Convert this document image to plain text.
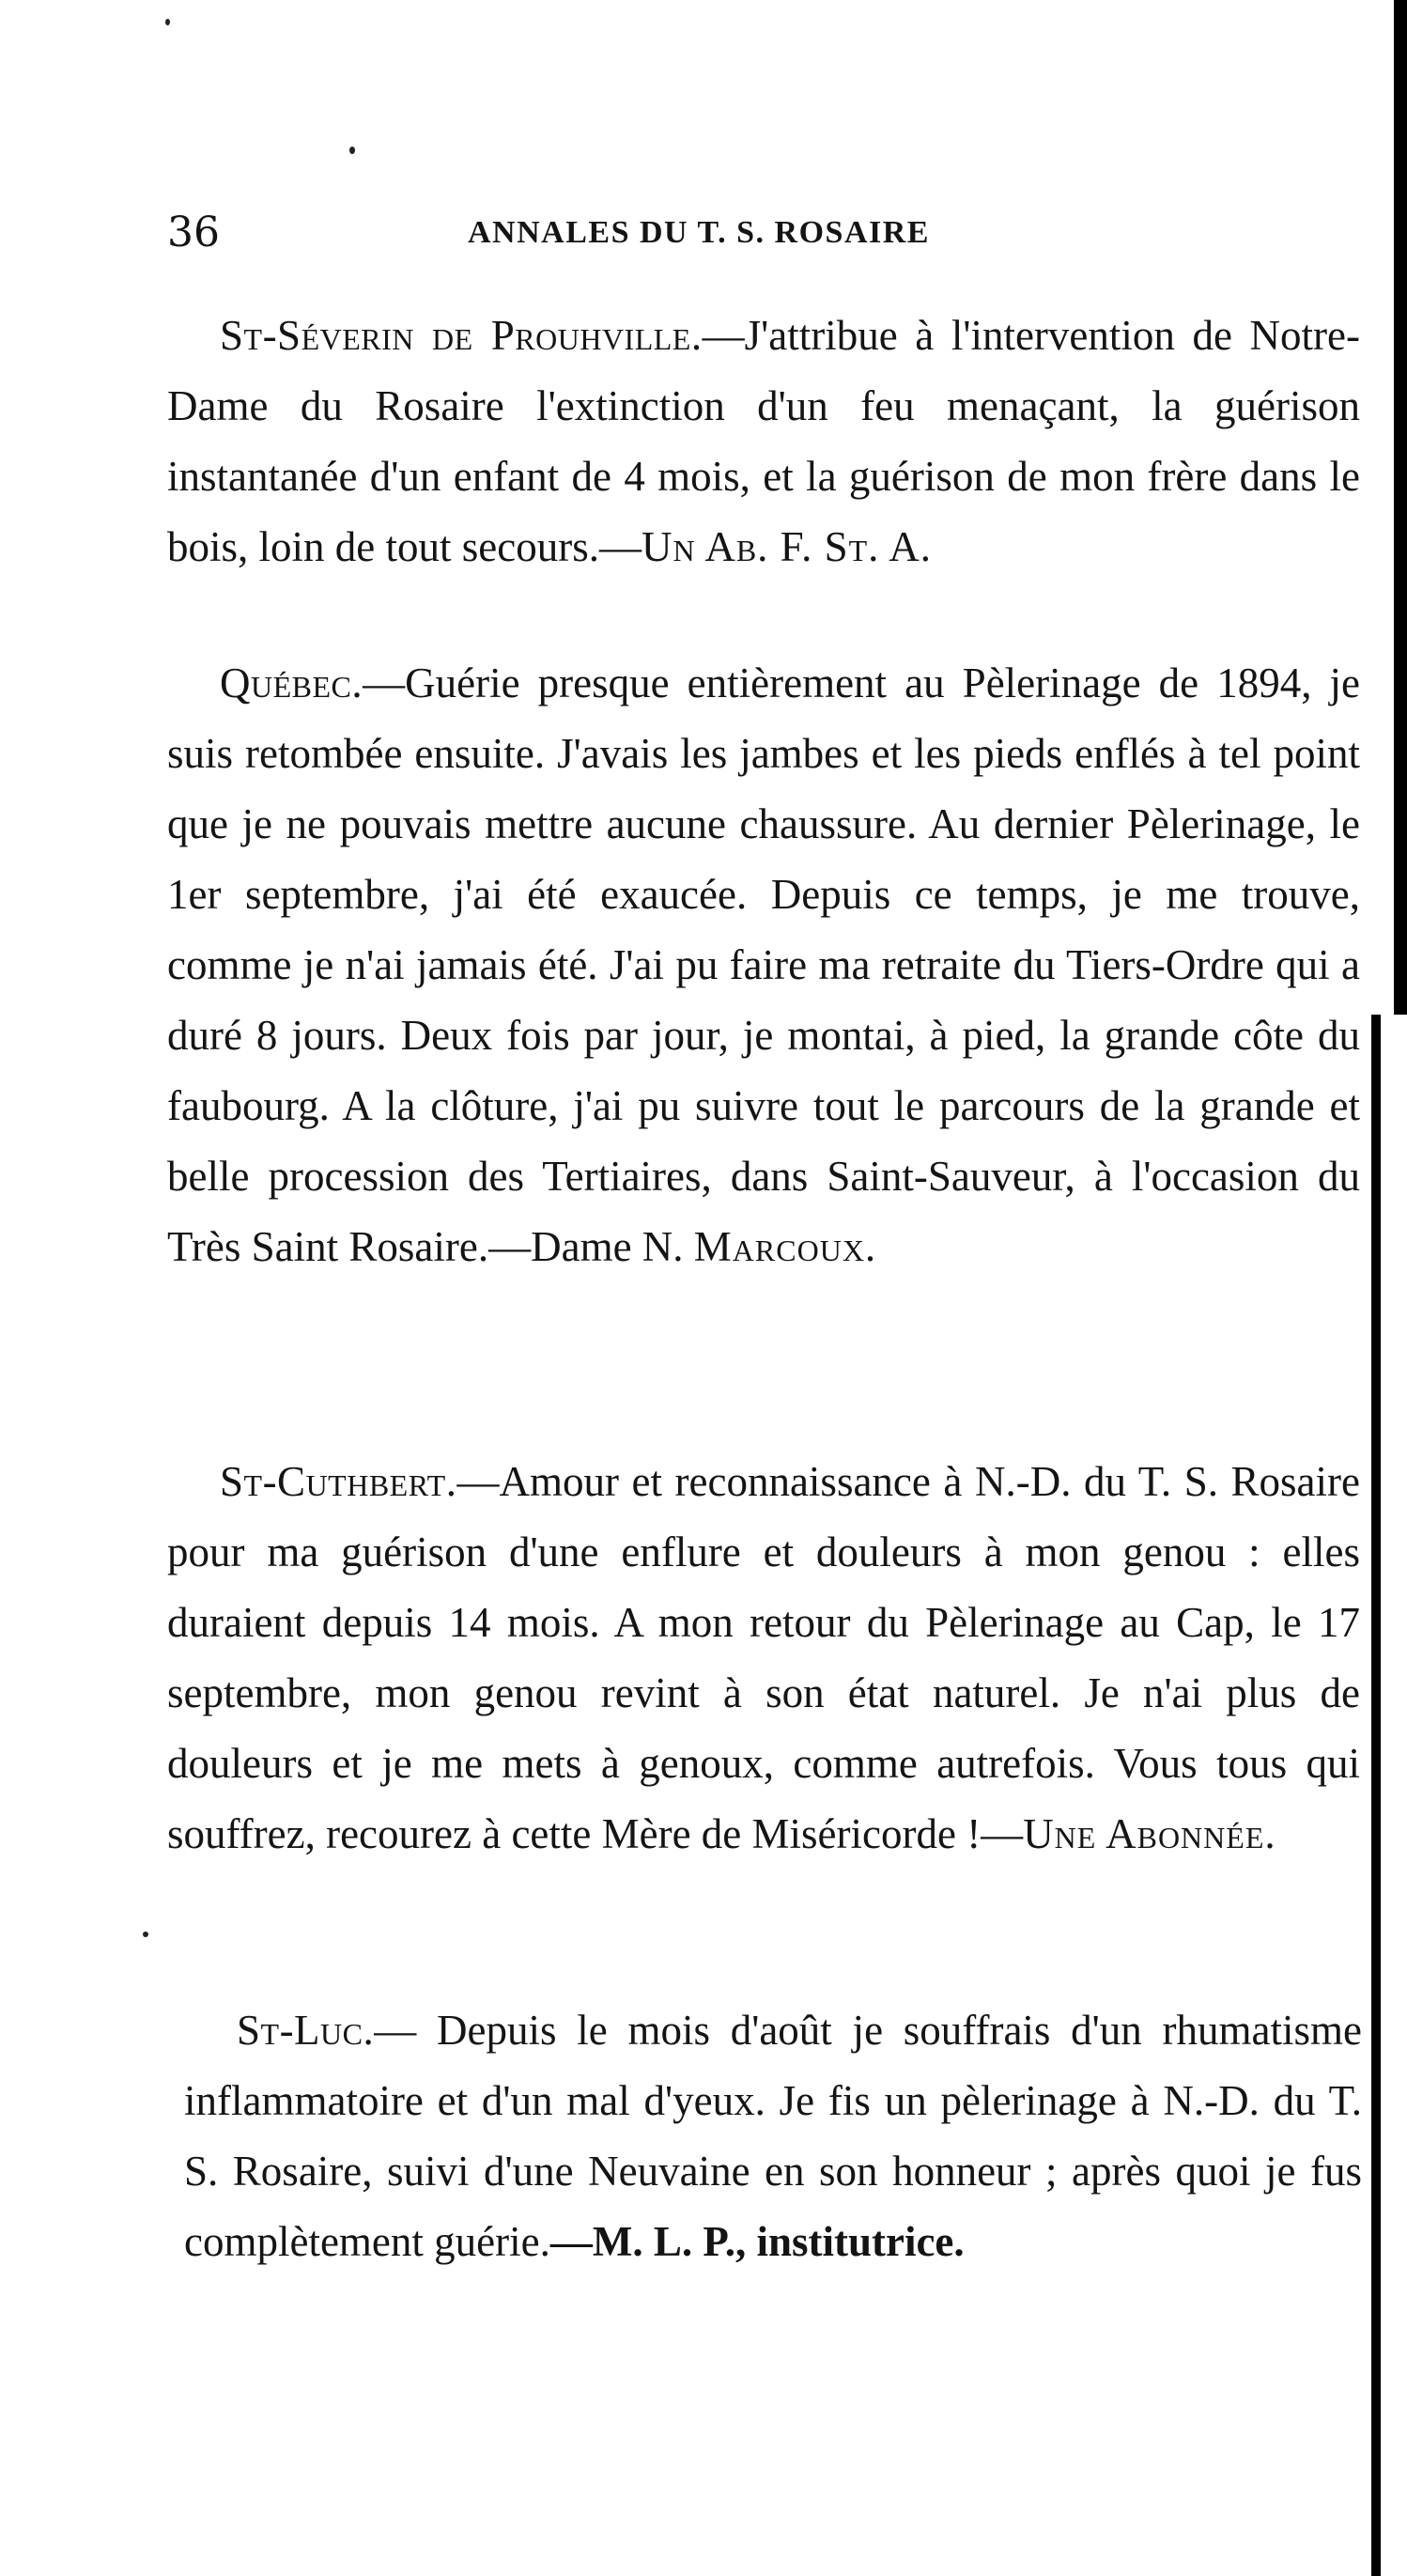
36	ANNALES DU T. S. ROSAIRE

St-Séverin de Prouhville.—J'attribue à l'intervention de Notre-Dame du Rosaire l'extinction d'un feu menaçant, la guérison instantanée d'un enfant de 4 mois, et la guérison de mon frère dans le bois, loin de tout secours.—Un Ab. F. St. A.

Québec.—Guérie presque entièrement au Pèlerinage de 1894, je suis retombée ensuite. J'avais les jambes et les pieds enflés à tel point que je ne pouvais mettre aucune chaussure. Au dernier Pèlerinage, le 1er septembre, j'ai été exaucée. Depuis ce temps, je me trouve, comme je n'ai jamais été. J'ai pu faire ma retraite du Tiers-Ordre qui a duré 8 jours. Deux fois par jour, je montai, à pied, la grande côte du faubourg. A la clôture, j'ai pu suivre tout le parcours de la grande et belle procession des Tertiaires, dans Saint-Sauveur, à l'occasion du Très Saint Rosaire.—Dame N. Marcoux.

St-Cuthbert.—Amour et reconnaissance à N.-D. du T. S. Rosaire pour ma guérison d'une enflure et douleurs à mon genou : elles duraient depuis 14 mois. A mon retour du Pèlerinage au Cap, le 17 septembre, mon genou revint à son état naturel. Je n'ai plus de douleurs et je me mets à genoux, comme autrefois. Vous tous qui souffrez, recourez à cette Mère de Miséricorde !—Une Abonnée.

St-Luc.— Depuis le mois d'août je souffrais d'un rhumatisme inflammatoire et d'un mal d'yeux. Je fis un pèlerinage à N.-D. du T. S. Rosaire, suivi d'une Neuvaine en son honneur ; après quoi je fus complètement guérie.—M. L. P., institutrice.
